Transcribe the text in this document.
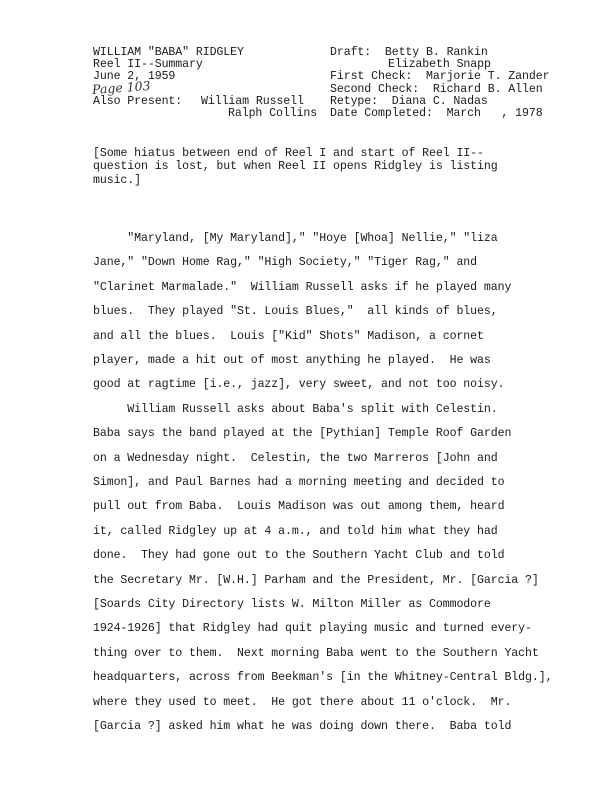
WILLIAM "BABA" RIDGLEY
Reel II--Summary
June 2, 1959
Page 103
Also Present: William Russell
Ralph Collins
Draft:  Betty B. Rankin
Elizabeth Snapp
First Check:  Marjorie T. Zander
Second Check:  Richard B. Allen
Retype:  Diana C. Nadas
Date Completed:  March   , 1978
[Some hiatus between end of Reel I and start of Reel II-- question is lost, but when Reel II opens Ridgley is listing music.]
"Maryland, [My Maryland]," "Hoye [Whoa] Nellie," "liza
Jane," "Down Home Rag," "High Society," "Tiger Rag," and
"Clarinet Marmalade."  William Russell asks if he played many
blues.  They played "St. Louis Blues,"  all kinds of blues,
and all the blues.  Louis ["Kid" Shots" Madison, a cornet
player, made a hit out of most anything he played.  He was
good at ragtime [i.e., jazz], very sweet, and not too noisy.
William Russell asks about Baba's split with Celestin.
Baba says the band played at the [Pythian] Temple Roof Garden
on a Wednesday night.  Celestin, the two Marreros [John and
Simon], and Paul Barnes had a morning meeting and decided to
pull out from Baba.  Louis Madison was out among them, heard
it, called Ridgley up at 4 a.m., and told him what they had
done.  They had gone out to the Southern Yacht Club and told
the Secretary Mr. [W.H.] Parham and the President, Mr. [Garcia ?]
[Soards City Directory lists W. Milton Miller as Commodore
1924-1926] that Ridgley had quit playing music and turned every-
thing over to them.  Next morning Baba went to the Southern Yacht
headquarters, across from Beekman's [in the Whitney-Central Bldg.],
where they used to meet.  He got there about 11 o'clock.  Mr.
[Garcia ?] asked him what he was doing down there.  Baba told
